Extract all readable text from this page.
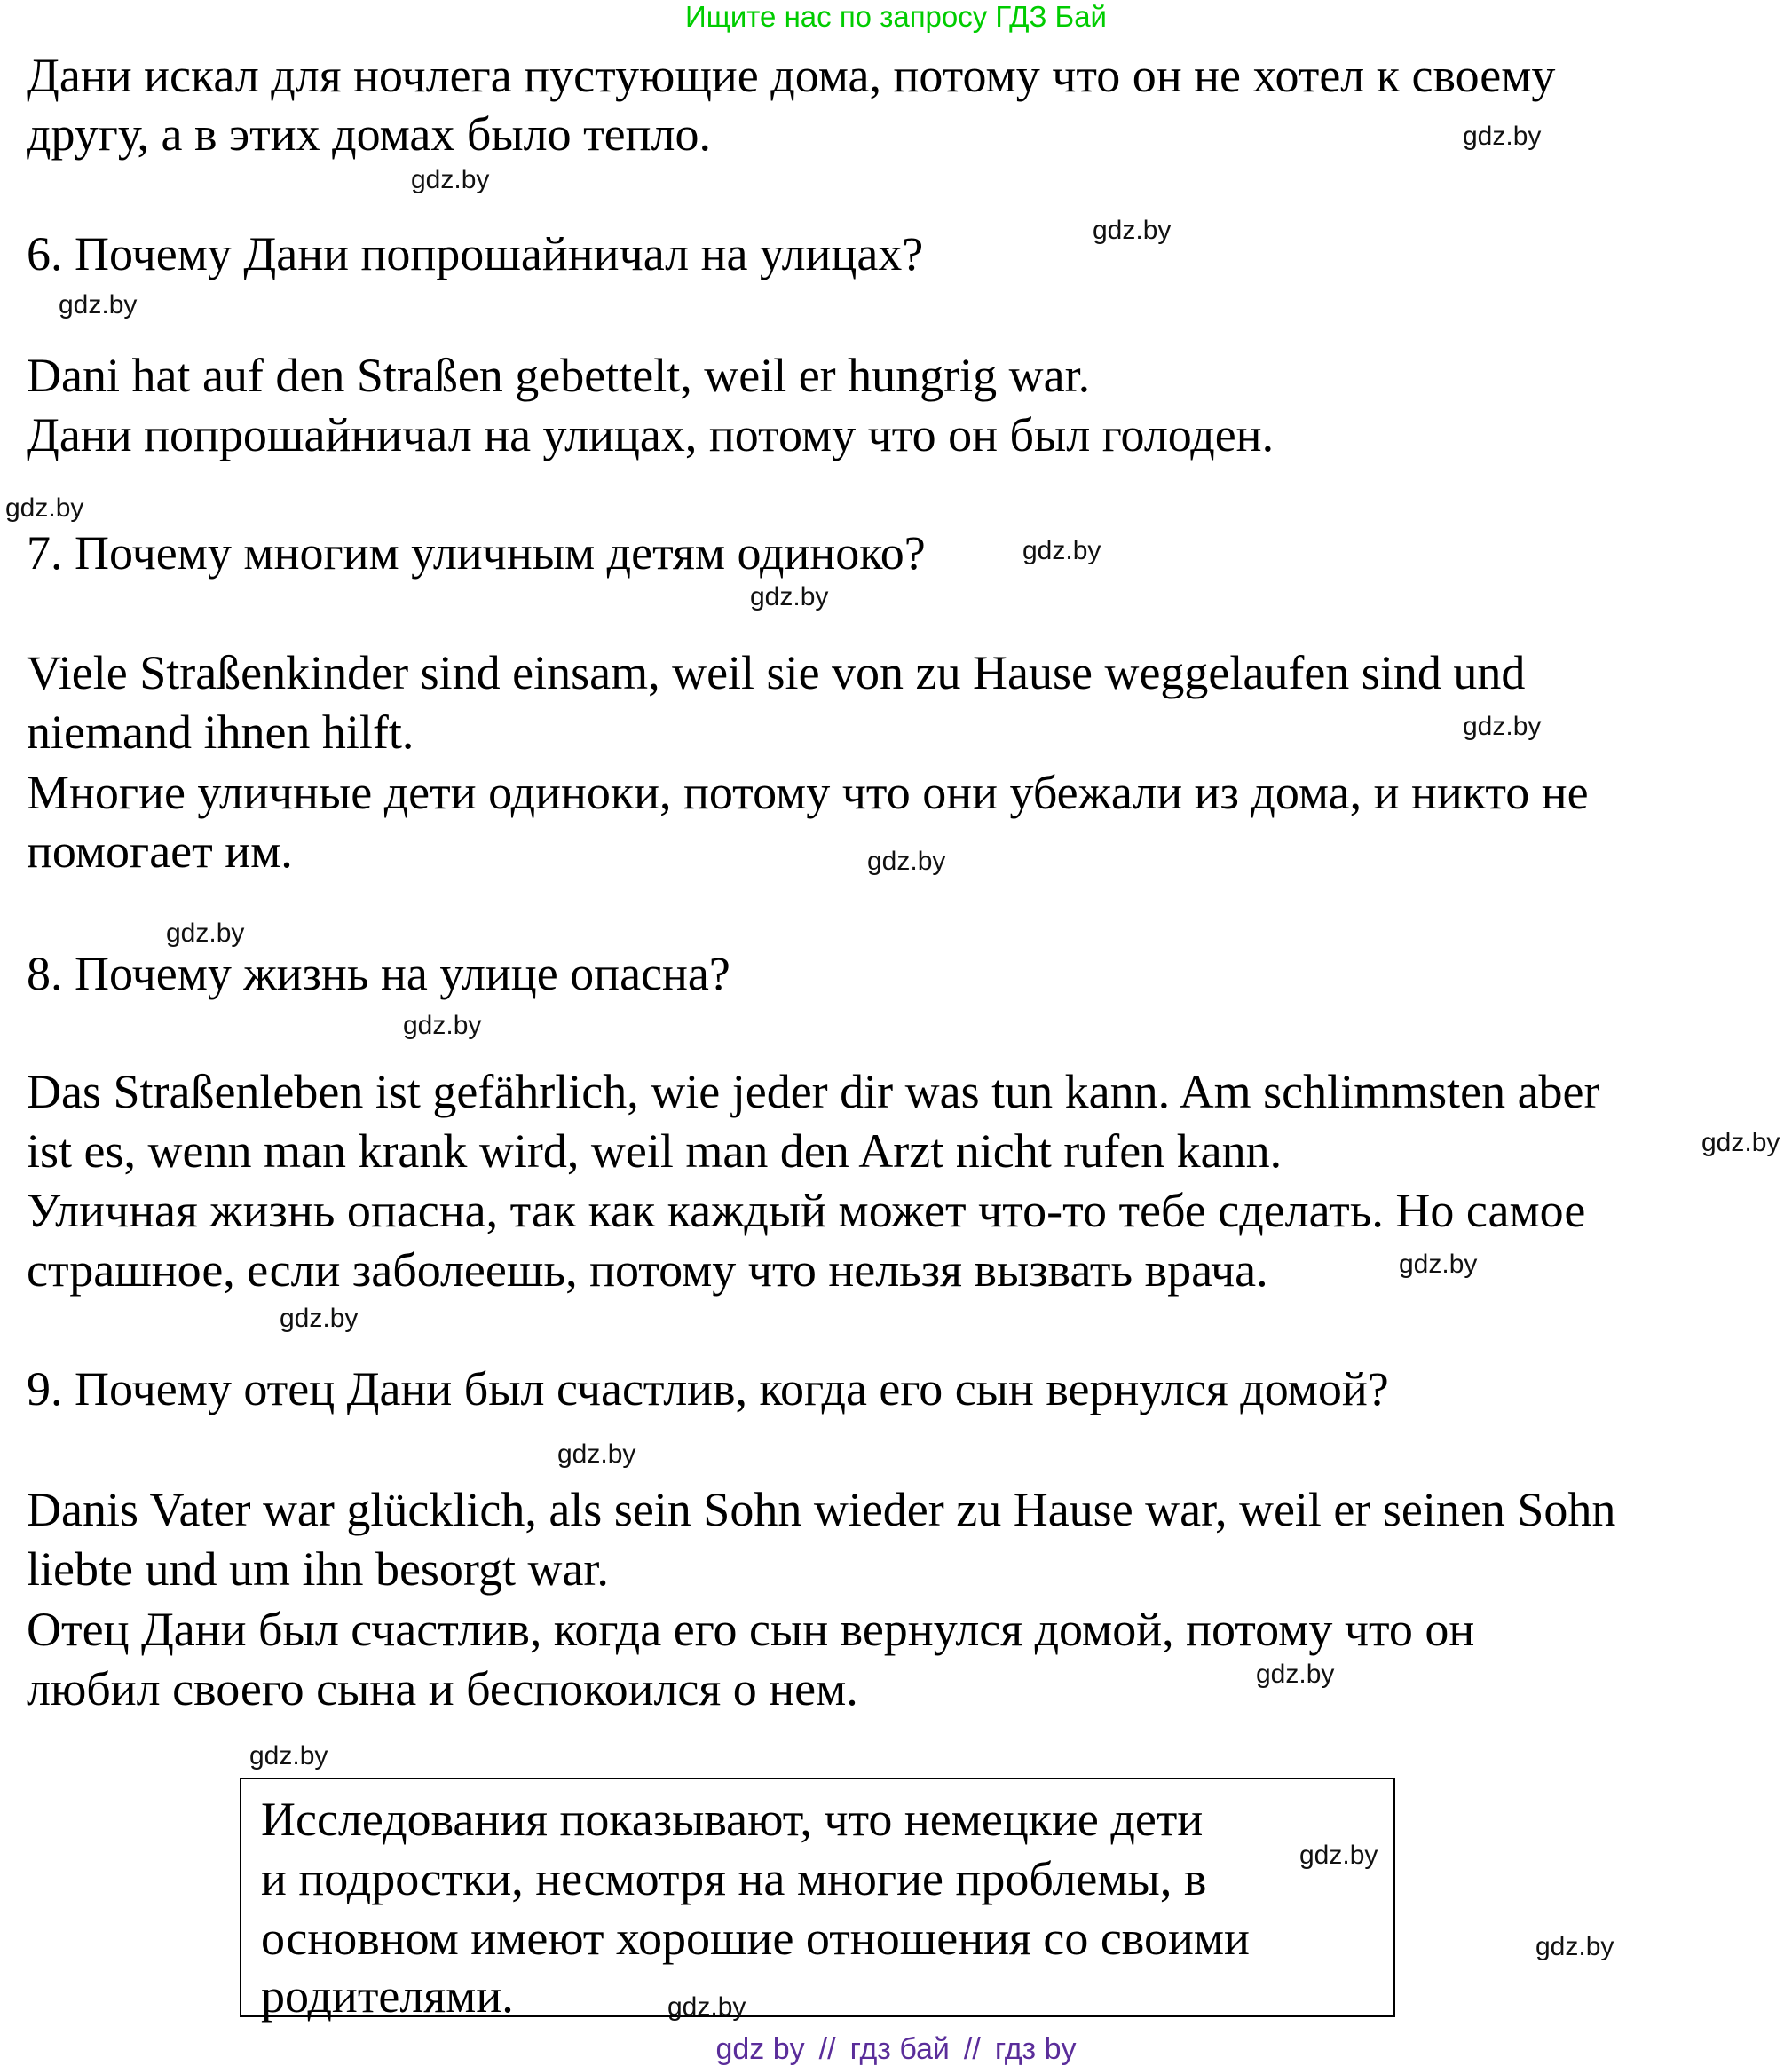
Ищите нас по запросу ГДЗ Бай
Дани искал для ночлега пустующие дома, потому что он не хотел к своему
другу, а в этих домах было тепло.
6. Почему Дани попрошайничал на улицах?
Dani hat auf den Straßen gebettelt, weil er hungrig war.
Дани попрошайничал на улицах, потому что он был голоден.
7. Почему многим уличным детям одиноко?
Viele Straßenkinder sind einsam, weil sie von zu Hause weggelaufen sind und
niemand ihnen hilft.
Многие уличные дети одиноки, потому что они убежали из дома, и никто не
помогает им.
8. Почему жизнь на улице опасна?
Das Straßenleben ist gefährlich, wie jeder dir was tun kann. Am schlimmsten aber
ist es, wenn man krank wird, weil man den Arzt nicht rufen kann.
Уличная жизнь опасна, так как каждый может что-то тебе сделать. Но самое
страшное, если заболеешь, потому что нельзя вызвать врача.
9. Почему отец Дани был счастлив, когда его сын вернулся домой?
Danis Vater war glücklich, als sein Sohn wieder zu Hause war, weil er seinen Sohn
liebte und um ihn besorgt war.
Отец Дани был счастлив, когда его сын вернулся домой, потому что он
любил своего сына и беспокоился о нем.
Исследования показывают, что немецкие дети
и подростки, несмотря на многие проблемы, в
основном имеют хорошие отношения со своими
родителями.
gdz.by
gdz.by
gdz.by
gdz.by
gdz.by
gdz.by
gdz.by
gdz.by
gdz.by
gdz.by
gdz.by
gdz.by
gdz.by
gdz.by
gdz.by
gdz.by
gdz.by
gdz.by
gdz.by
gdz.by
gdz by // гдз бай // гдз by
